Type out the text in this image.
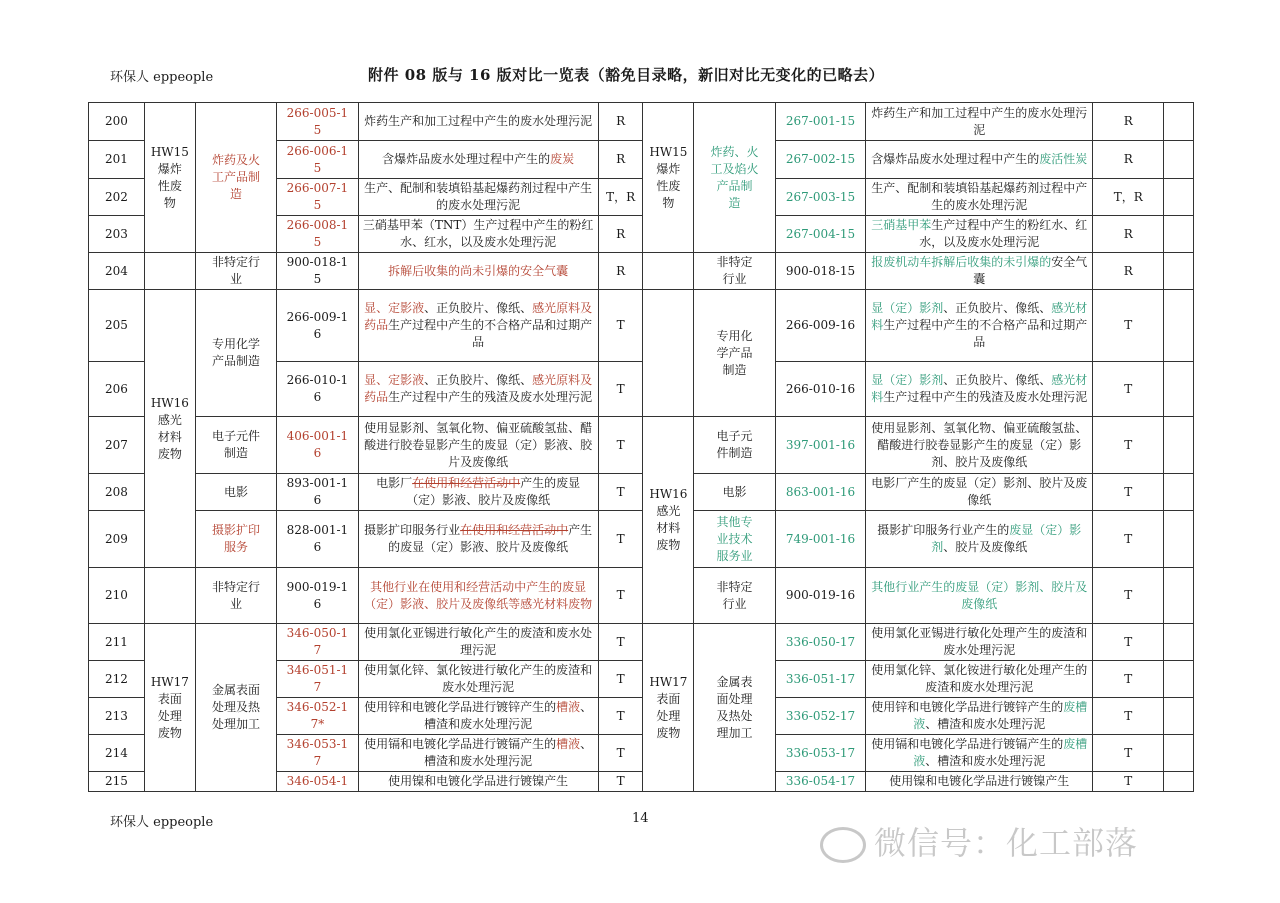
环保人 eppeople	附件 08 版与 16 版对比一览表（豁免目录略，新旧对比无变化的已略去）
200	HW15
爆炸
性废
物	炸药及火
工产品制
造	266-005-1
5	炸药生产和加工过程中产生的废水处理污泥	R	HW15
爆炸
性废
物	炸药、火
工及焰火
产品制
造	267-001-15	炸药生产和加工过程中产生的废水处理污泥	R	
201			266-006-1
5	含爆炸品废水处理过程中产生的废炭	R			267-002-15	含爆炸品废水处理过程中产生的废活性炭	R	
202			266-007-1
5	生产、配制和装填铅基起爆药剂过程中产生的废水处理污泥	T，R			267-003-15	生产、配制和装填铅基起爆药剂过程中产生的废水处理污泥	T，R	
203			266-008-1
5	三硝基甲苯（TNT）生产过程中产生的粉红水、红水，以及废水处理污泥	R			267-004-15	三硝基甲苯生产过程中产生的粉红水、红水，以及废水处理污泥	R	
204		非特定行
业	900-018-1
5	拆解后收集的尚未引爆的安全气囊	R		非特定
行业	900-018-15	报废机动车拆解后收集的未引爆的安全气囊	R	
205	HW16
感光
材料
废物	专用化学
产品制造	266-009-1
6	显、定影液、正负胶片、像纸、感光原料及药品生产过程中产生的不合格产品和过期产品	T		专用化
学产品
制造	266-009-16	显（定）影剂、正负胶片、像纸、感光材料生产过程中产生的不合格产品和过期产品	T	
206			266-010-1
6	显、定影液、正负胶片、像纸、感光原料及药品生产过程中产生的残渣及废水处理污泥	T			266-010-16	显（定）影剂、正负胶片、像纸、感光材料生产过程中产生的残渣及废水处理污泥	T	
207		电子元件
制造	406-001-1
6	使用显影剂、氢氧化物、偏亚硫酸氢盐、醋酸进行胶卷显影产生的废显（定）影液、胶片及废像纸	T	HW16
感光
材料
废物	电子元
件制造	397-001-16	使用显影剂、氢氧化物、偏亚硫酸氢盐、醋酸进行胶卷显影产生的废显（定）影剂、胶片及废像纸	T	
208		电影	893-001-1
6	电影厂在使用和经营活动中产生的废显（定）影液、胶片及废像纸	T		电影	863-001-16	电影厂产生的废显（定）影剂、胶片及废像纸	T	
209		摄影扩印
服务	828-001-1
6	摄影扩印服务行业在使用和经营活动中产生的废显（定）影液、胶片及废像纸	T		其他专
业技术
服务业	749-001-16	摄影扩印服务行业产生的废显（定）影剂、胶片及废像纸	T	
210		非特定行
业	900-019-1
6	其他行业在使用和经营活动中产生的废显（定）影液、胶片及废像纸等感光材料废物	T		非特定
行业	900-019-16	其他行业产生的废显（定）影剂、胶片及废像纸	T	
211	HW17
表面
处理
废物	金属表面
处理及热
处理加工	346-050-1
7	使用氯化亚锡进行敏化产生的废渣和废水处理污泥	T	HW17
表面
处理
废物	金属表
面处理
及热处
理加工	336-050-17	使用氯化亚锡进行敏化处理产生的废渣和废水处理污泥	T	
212			346-051-1
7	使用氯化锌、氯化铵进行敏化产生的废渣和废水处理污泥	T			336-051-17	使用氯化锌、氯化铵进行敏化处理产生的废渣和废水处理污泥	T	
213			346-052-1
7*	使用锌和电镀化学品进行镀锌产生的槽液、槽渣和废水处理污泥	T			336-052-17	使用锌和电镀化学品进行镀锌产生的废槽液、槽渣和废水处理污泥	T	
214			346-053-1
7	使用镉和电镀化学品进行镀镉产生的槽液、槽渣和废水处理污泥	T			336-053-17	使用镉和电镀化学品进行镀镉产生的废槽液、槽渣和废水处理污泥	T	
215			346-054-1	使用镍和电镀化学品进行镀镍产生	T			336-054-17	使用镍和电镀化学品进行镀镍产生	T	
环保人 eppeople	14
微信号：化工部落
